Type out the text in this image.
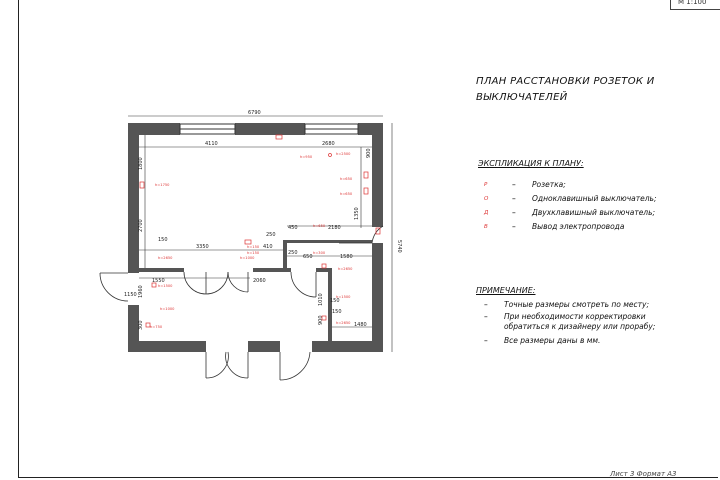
М 1:100
Лист 3 Формат А3
ПЛАН РАССТАНОВКИ РОЗЕТОК И
ВЫКЛЮЧАТЕЛЕЙ
ЭКСПЛИКАЦИЯ К ПЛАНУ:
Р	–	Розетка;
О	–	Одноклавишный выключатель;
Д	–	Двухклавишный выключатель;
В	–	Вывод электропровода
ПРИМЕЧАНИЕ:
–	Точные размеры смотреть по месту;
–	При необходимости корректировки
обратиться к дизайнеру или прорабу;
–	Все размеры даны в мм.
6790
4110	2680
1800
2700
900
1350
5740
150
3350
450	2180
250
410
250
650	1580
1550	2060
1150
150
1480
1960
1010
300
150
900
h=950
h=2500
h=650
h=650
h=1750
h=650
h=150
h=150	h=300
h=2650	h=1000
h=1500
h=1000
h=1500
h=2650
h=750
h=2650
